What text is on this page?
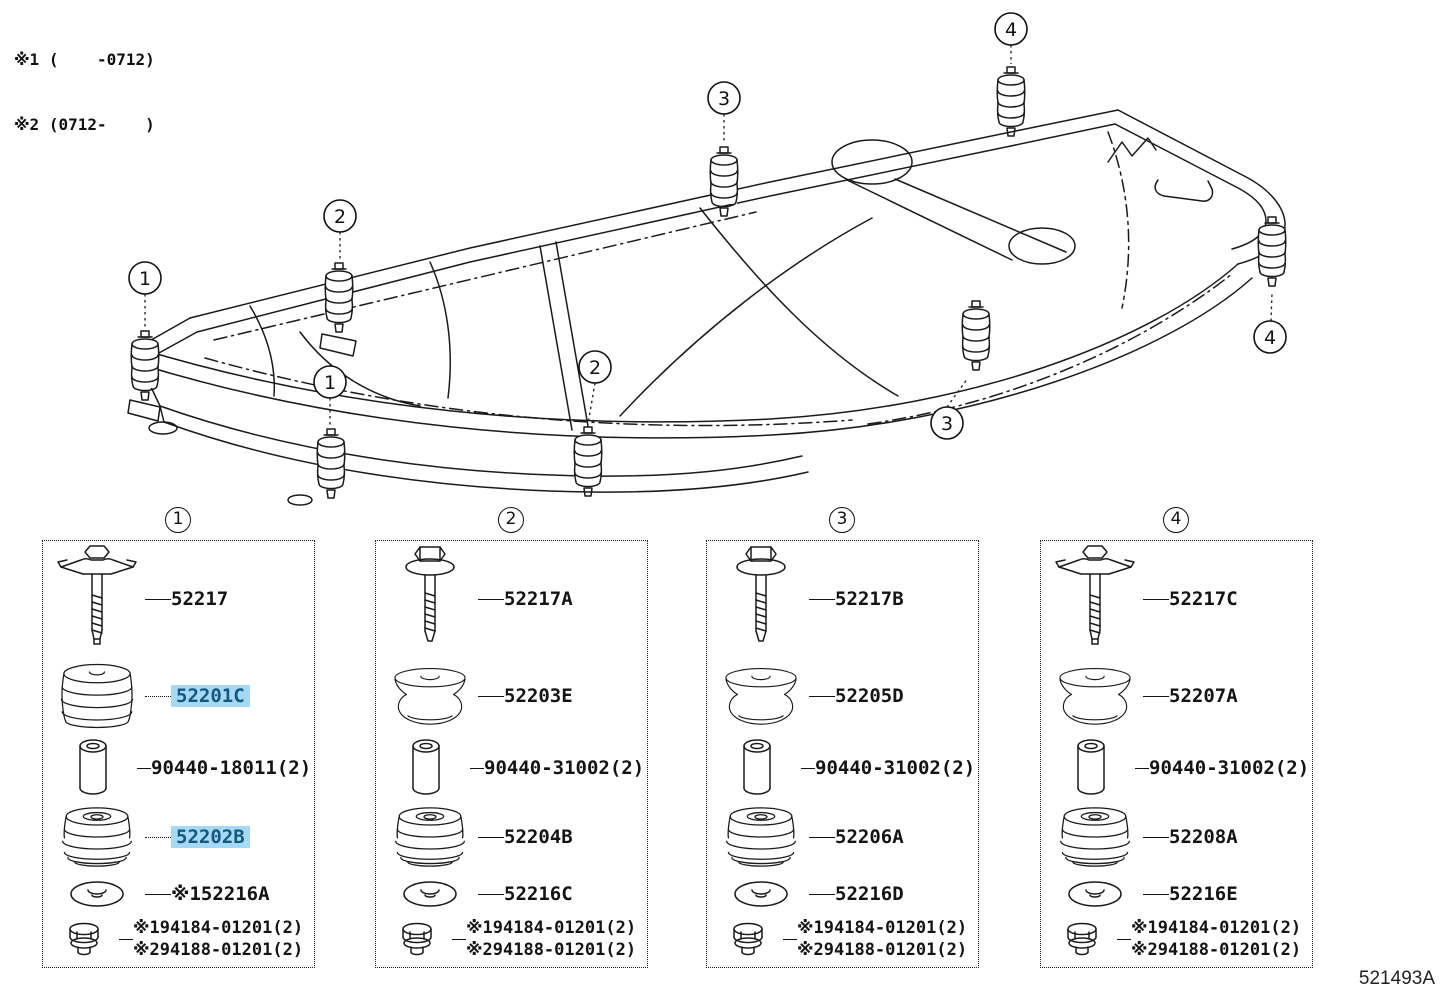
※1 (    -0712)

※2 (0712-    )

1
2
1
2
3
3
4
4
1	2	3	4
52217
52201C
90440-18011(2)
52202B
※152216A
※194184-01201(2)
※294188-01201(2)
52217A
52203E
90440-31002(2)
52204B
52216C
※194184-01201(2)
※294188-01201(2)
52217B
52205D
90440-31002(2)
52206A
52216D
※194184-01201(2)
※294188-01201(2)
52217C
52207A
90440-31002(2)
52208A
52216E
※194184-01201(2)
※294188-01201(2)
521493A
